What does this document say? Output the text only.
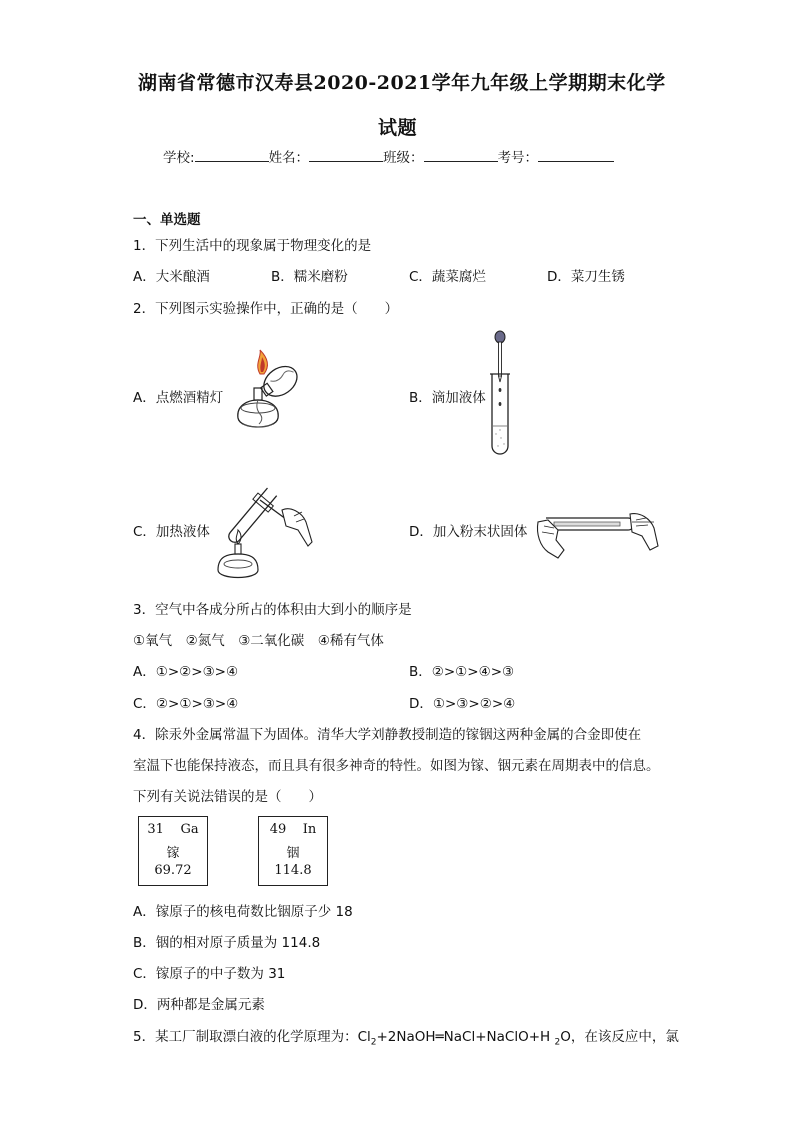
湖南省常德市汉寿县2020-2021学年九年级上学期期末化学
试题
学校:	姓名：	班级：	考号：
一、单选题
1．下列生活中的现象属于物理变化的是
A．大米酿酒	B．糯米磨粉	C．蔬菜腐烂	D．菜刀生锈
2．下列图示实验操作中，正确的是（　　）
A．点燃酒精灯	B．滴加液体
C．加热液体	D．加入粉末状固体
3．空气中各成分所占的体积由大到小的顺序是
①氧气　②氮气　③二氧化碳　④稀有气体
A．①>②>③>④	B．②>①>④>③
C．②>①>③>④	D．①>③>②>④
4．除汞外金属常温下为固体。清华大学刘静教授制造的镓铟这两种金属的合金即使在
室温下也能保持液态，而且具有很多神奇的特性。如图为镓、铟元素在周期表中的信息。
下列有关说法错误的是（　　）
31 Ga
镓
69.72
49 In
铟
114.8
A．镓原子的核电荷数比铟原子少 18
B．铟的相对原子质量为 114.8
C．镓原子的中子数为 31
D．两种都是金属元素
5．某工厂制取漂白液的化学原理为：$Cl_2+2NaOH═NaCl+NaClO+H$ $_2$O，在该反应中，氯
